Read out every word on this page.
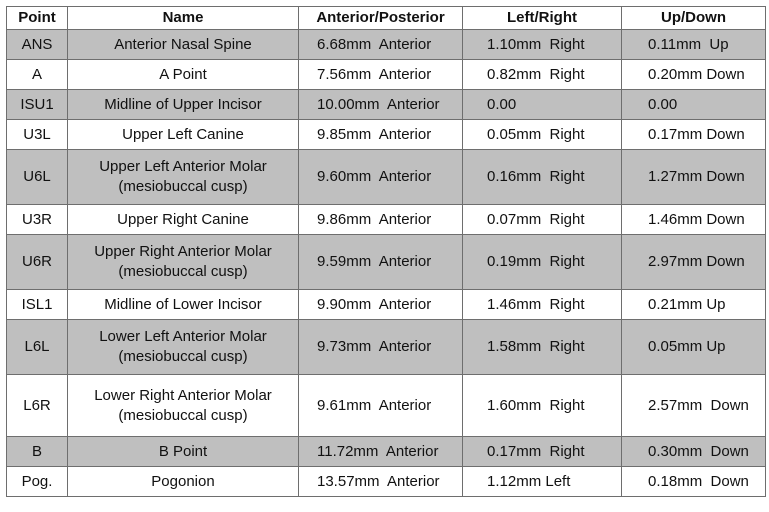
Point	Name	Anterior/Posterior	Left/Right	Up/Down
ANS	Anterior Nasal Spine	6.68mm  Anterior	1.10mm  Right	0.11mm  Up
A	A Point	7.56mm  Anterior	0.82mm  Right	0.20mm Down
ISU1	Midline of Upper Incisor	10.00mm  Anterior	0.00	0.00
U3L	Upper Left Canine	9.85mm  Anterior	0.05mm  Right	0.17mm Down
U6L	Upper Left Anterior Molar (mesiobuccal cusp)	9.60mm  Anterior	0.16mm  Right	1.27mm Down
U3R	Upper Right Canine	9.86mm  Anterior	0.07mm  Right	1.46mm Down
U6R	Upper Right Anterior Molar (mesiobuccal cusp)	9.59mm  Anterior	0.19mm  Right	2.97mm Down
ISL1	Midline of Lower Incisor	9.90mm  Anterior	1.46mm  Right	0.21mm Up
L6L	Lower Left Anterior Molar (mesiobuccal cusp)	9.73mm  Anterior	1.58mm  Right	0.05mm Up
L6R	Lower Right Anterior Molar (mesiobuccal cusp)	9.61mm  Anterior	1.60mm  Right	2.57mm  Down
B	B Point	11.72mm  Anterior	0.17mm  Right	0.30mm  Down
Pog.	Pogonion	13.57mm  Anterior	1.12mm Left	0.18mm  Down
